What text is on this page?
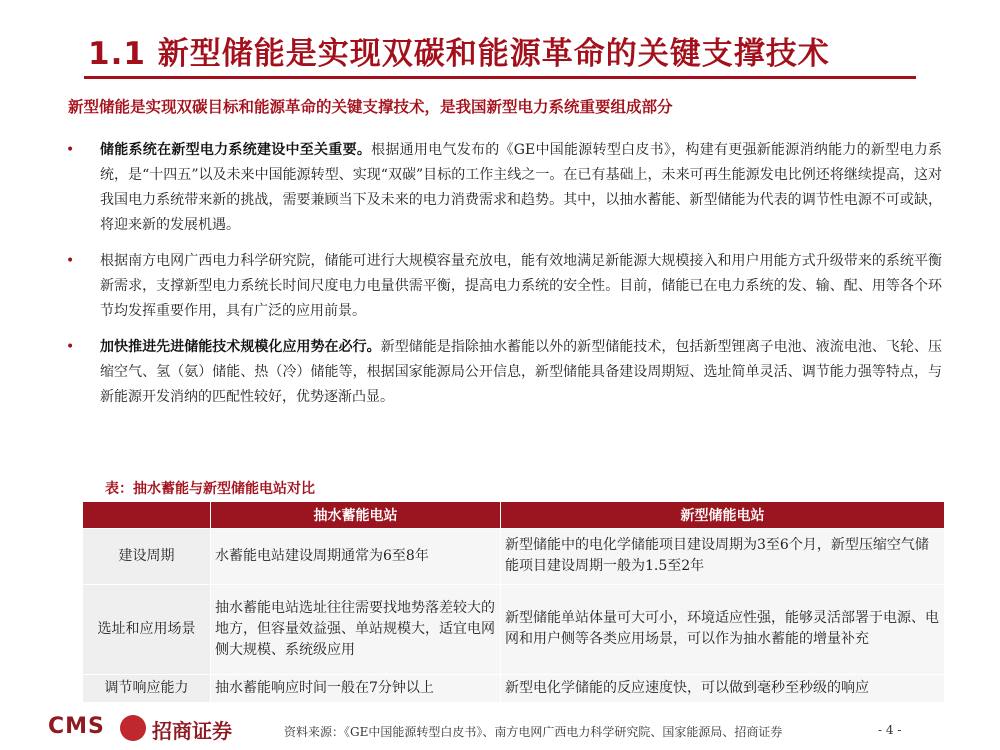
1.1 新型储能是实现双碳和能源革命的关键支撑技术
新型储能是实现双碳目标和能源革命的关键支撑技术，是我国新型电力系统重要组成部分
• 储能系统在新型电力系统建设中至关重要。根据通用电气发布的《GE中国能源转型白皮书》，构建有更强新能源消纳能力的新型电力系统，是“十四五”以及未来中国能源转型、实现“双碳”目标的工作主线之一。在已有基础上，未来可再生能源发电比例还将继续提高，这对我国电力系统带来新的挑战，需要兼顾当下及未来的电力消费需求和趋势。其中，以抽水蓄能、新型储能为代表的调节性电源不可或缺，将迎来新的发展机遇。

• 根据南方电网广西电力科学研究院，储能可进行大规模容量充放电，能有效地满足新能源大规模接入和用户用能方式升级带来的系统平衡新需求，支撑新型电力系统长时间尺度电力电量供需平衡，提高电力系统的安全性。目前，储能已在电力系统的发、输、配、用等各个环节均发挥重要作用，具有广泛的应用前景。

• 加快推进先进储能技术规模化应用势在必行。新型储能是指除抽水蓄能以外的新型储能技术，包括新型锂离子电池、液流电池、飞轮、压缩空气、氢（氨）储能、热（冷）储能等，根据国家能源局公开信息，新型储能具备建设周期短、选址简单灵活、调节能力强等特点，与新能源开发消纳的匹配性较好，优势逐渐凸显。

表：抽水蓄能与新型储能电站对比
	抽水蓄能电站	新型储能电站
建设周期	水蓄能电站建设周期通常为6至8年	新型储能中的电化学储能项目建设周期为3至6个月，新型压缩空气储能项目建设周期一般为1.5至2年
选址和应用场景	抽水蓄能电站选址往往需要找地势落差较大的地方，但容量效益强、单站规模大，适宜电网侧大规模、系统级应用	新型储能单站体量可大可小，环境适应性强，能够灵活部署于电源、电网和用户侧等各类应用场景，可以作为抽水蓄能的增量补充
调节响应能力	抽水蓄能响应时间一般在7分钟以上	新型电化学储能的反应速度快，可以做到毫秒至秒级的响应
CMS 招商证券	资料来源：《GE中国能源转型白皮书》、南方电网广西电力科学研究院、国家能源局、招商证券	- 4 -
